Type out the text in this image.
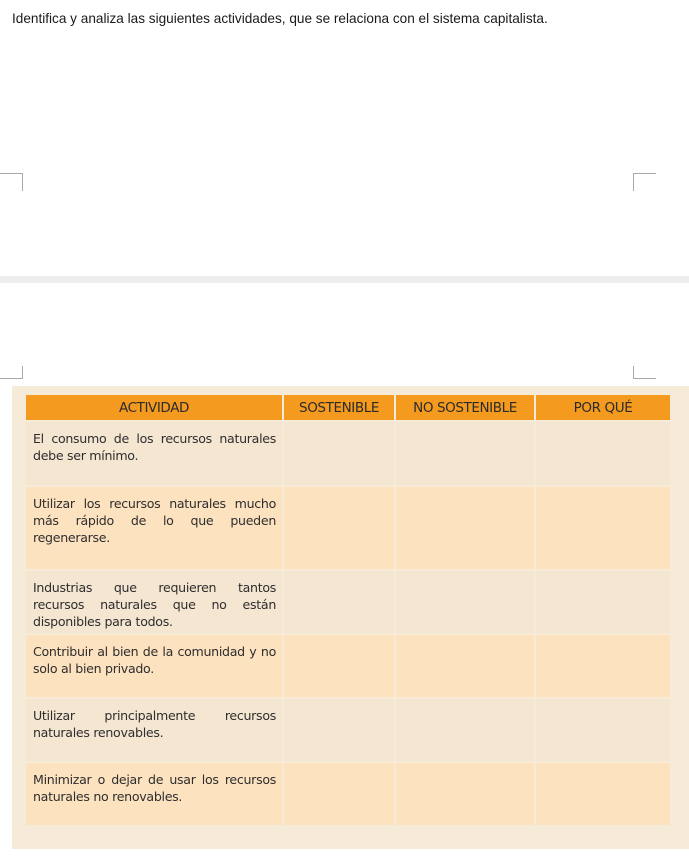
Identifica y analiza las siguientes actividades, que se relaciona con el sistema capitalista.
ACTIVIDAD	SOSTENIBLE	NO SOSTENIBLE	POR QUÉ
El consumo de los recursos naturales debe ser mínimo.			
Utilizar los recursos naturales mucho más rápido de lo que pueden regenerarse.			
Industrias que requieren tantos recursos naturales que no están disponibles para todos.			
Contribuir al bien de la comunidad y no solo al bien privado.			
Utilizar principalmente recursos naturales renovables.			
Minimizar o dejar de usar los recursos naturales no renovables.			
